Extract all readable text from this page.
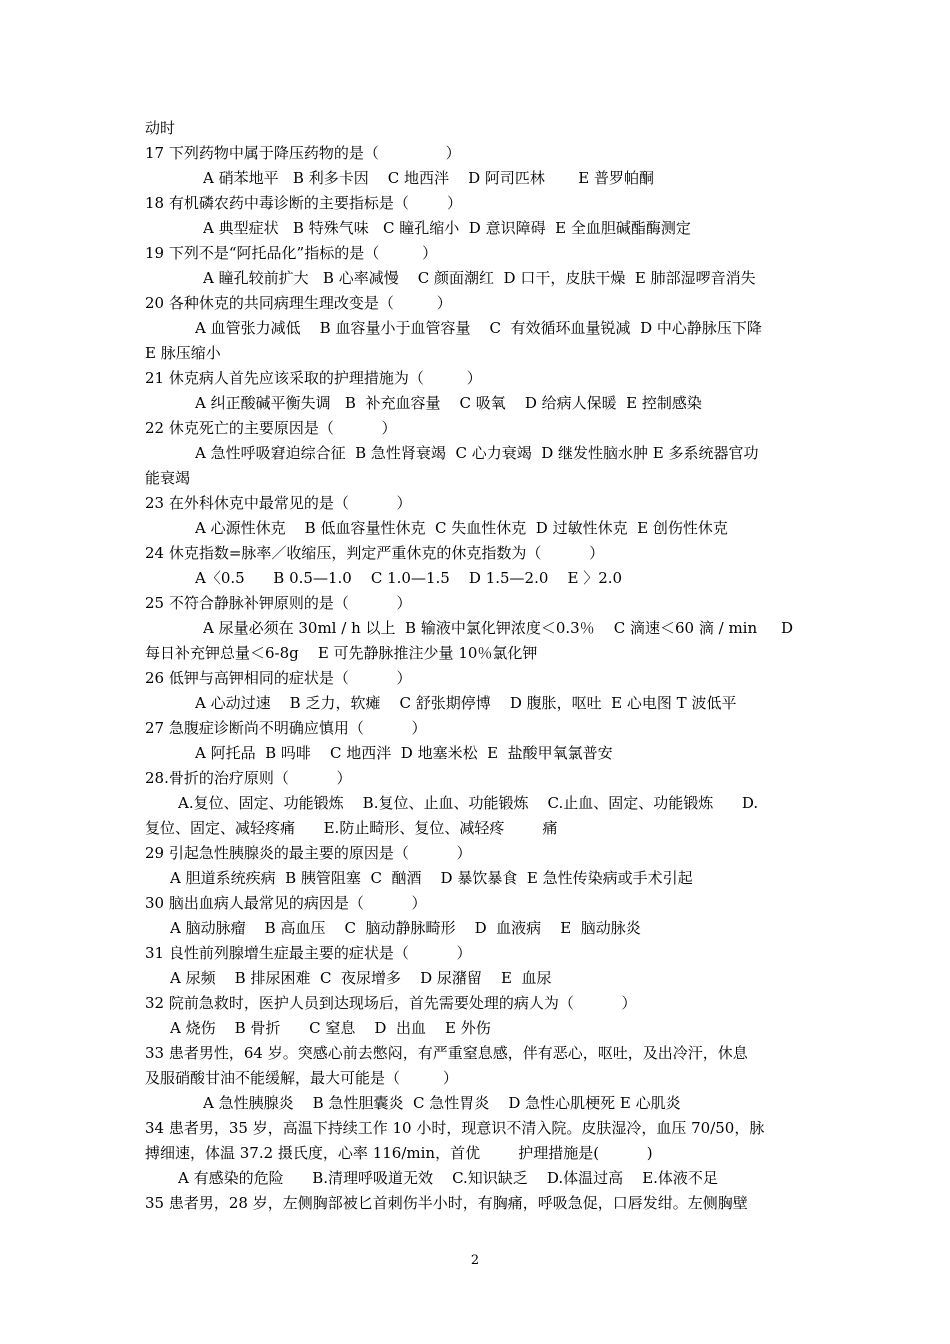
动时
17 下列药物中属于降压药物的是（              ）
A 硝苯地平   B 利多卡因    C 地西泮    D 阿司匹林       E 普罗帕酮
18 有机磷农药中毒诊断的主要指标是（        ）
A 典型症状   B 特殊气味   C 瞳孔缩小  D 意识障碍  E 全血胆碱酯酶测定
19 下列不是“阿托品化”指标的是（         ）
A 瞳孔较前扩大   B 心率减慢    C 颜面潮红  D 口干，皮肤干燥  E 肺部湿啰音消失
20 各种休克的共同病理生理改变是（         ）
A 血管张力减低    B 血容量小于血管容量    C  有效循环血量锐减  D 中心静脉压下降
E 脉压缩小
21 休克病人首先应该采取的护理措施为（         ）
A 纠正酸碱平衡失调   B  补充血容量    C 吸氧    D 给病人保暖  E 控制感染
22 休克死亡的主要原因是（          ）
A 急性呼吸窘迫综合征  B 急性肾衰竭  C 心力衰竭  D 继发性脑水肿 E 多系统器官功
能衰竭
23 在外科休克中最常见的是（          ）
A 心源性休克    B 低血容量性休克  C 失血性休克  D 过敏性休克  E 创伤性休克
24 休克指数=脉率／收缩压，判定严重休克的休克指数为（          ）
A〈0.5      B 0.5—1.0    C 1.0—1.5    D 1.5—2.0    E 〉2.0
25 不符合静脉补钾原则的是（          ）
A 尿量必须在 30ml / h 以上  B 输液中氯化钾浓度＜0.3％    C 滴速＜60 滴 / min     D
每日补充钾总量＜6-8g    E 可先静脉推注少量 10％氯化钾
26 低钾与高钾相同的症状是（          ）
A 心动过速    B 乏力，软瘫    C 舒张期停博    D 腹胀，呕吐  E 心电图 T 波低平
27 急腹症诊断尚不明确应慎用（          ）
A 阿托品  B 吗啡    C 地西泮  D 地塞米松  E  盐酸甲氧氯普安
28.骨折的治疗原则（          ）
A.复位、固定、功能锻炼    B.复位、止血、功能锻炼    C.止血、固定、功能锻炼      D.
复位、固定、减轻疼痛      E.防止畸形、复位、减轻疼        痛
29 引起急性胰腺炎的最主要的原因是（          ）
A 胆道系统疾病  B 胰管阻塞  C  酗酒    D 暴饮暴食  E 急性传染病或手术引起
30 脑出血病人最常见的病因是（          ）
A 脑动脉瘤    B 高血压    C  脑动静脉畸形    D  血液病    E  脑动脉炎
31 良性前列腺增生症最主要的症状是（          ）
A 尿频    B 排尿困难  C  夜尿增多    D 尿潴留    E  血尿
32 院前急救时，医护人员到达现场后，首先需要处理的病人为（          ）
A 烧伤    B 骨折      C 窒息    D  出血    E 外伤
33 患者男性，64 岁。突感心前去憋闷，有严重窒息感，伴有恶心，呕吐，及出冷汗，休息
及服硝酸甘油不能缓解，最大可能是（         ）
A 急性胰腺炎    B 急性胆囊炎  C 急性胃炎    D 急性心肌梗死 E 心肌炎
34 患者男，35 岁，高温下持续工作 10 小时，现意识不清入院。皮肤湿冷，血压 70/50，脉
搏细速，体温 37.2 摄氏度，心率 116/min，首优        护理措施是(          )
A 有感染的危险      B.清理呼吸道无效    C.知识缺乏    D.体温过高    E.体液不足
35 患者男，28 岁，左侧胸部被匕首刺伤半小时，有胸痛，呼吸急促，口唇发绀。左侧胸壁
2
